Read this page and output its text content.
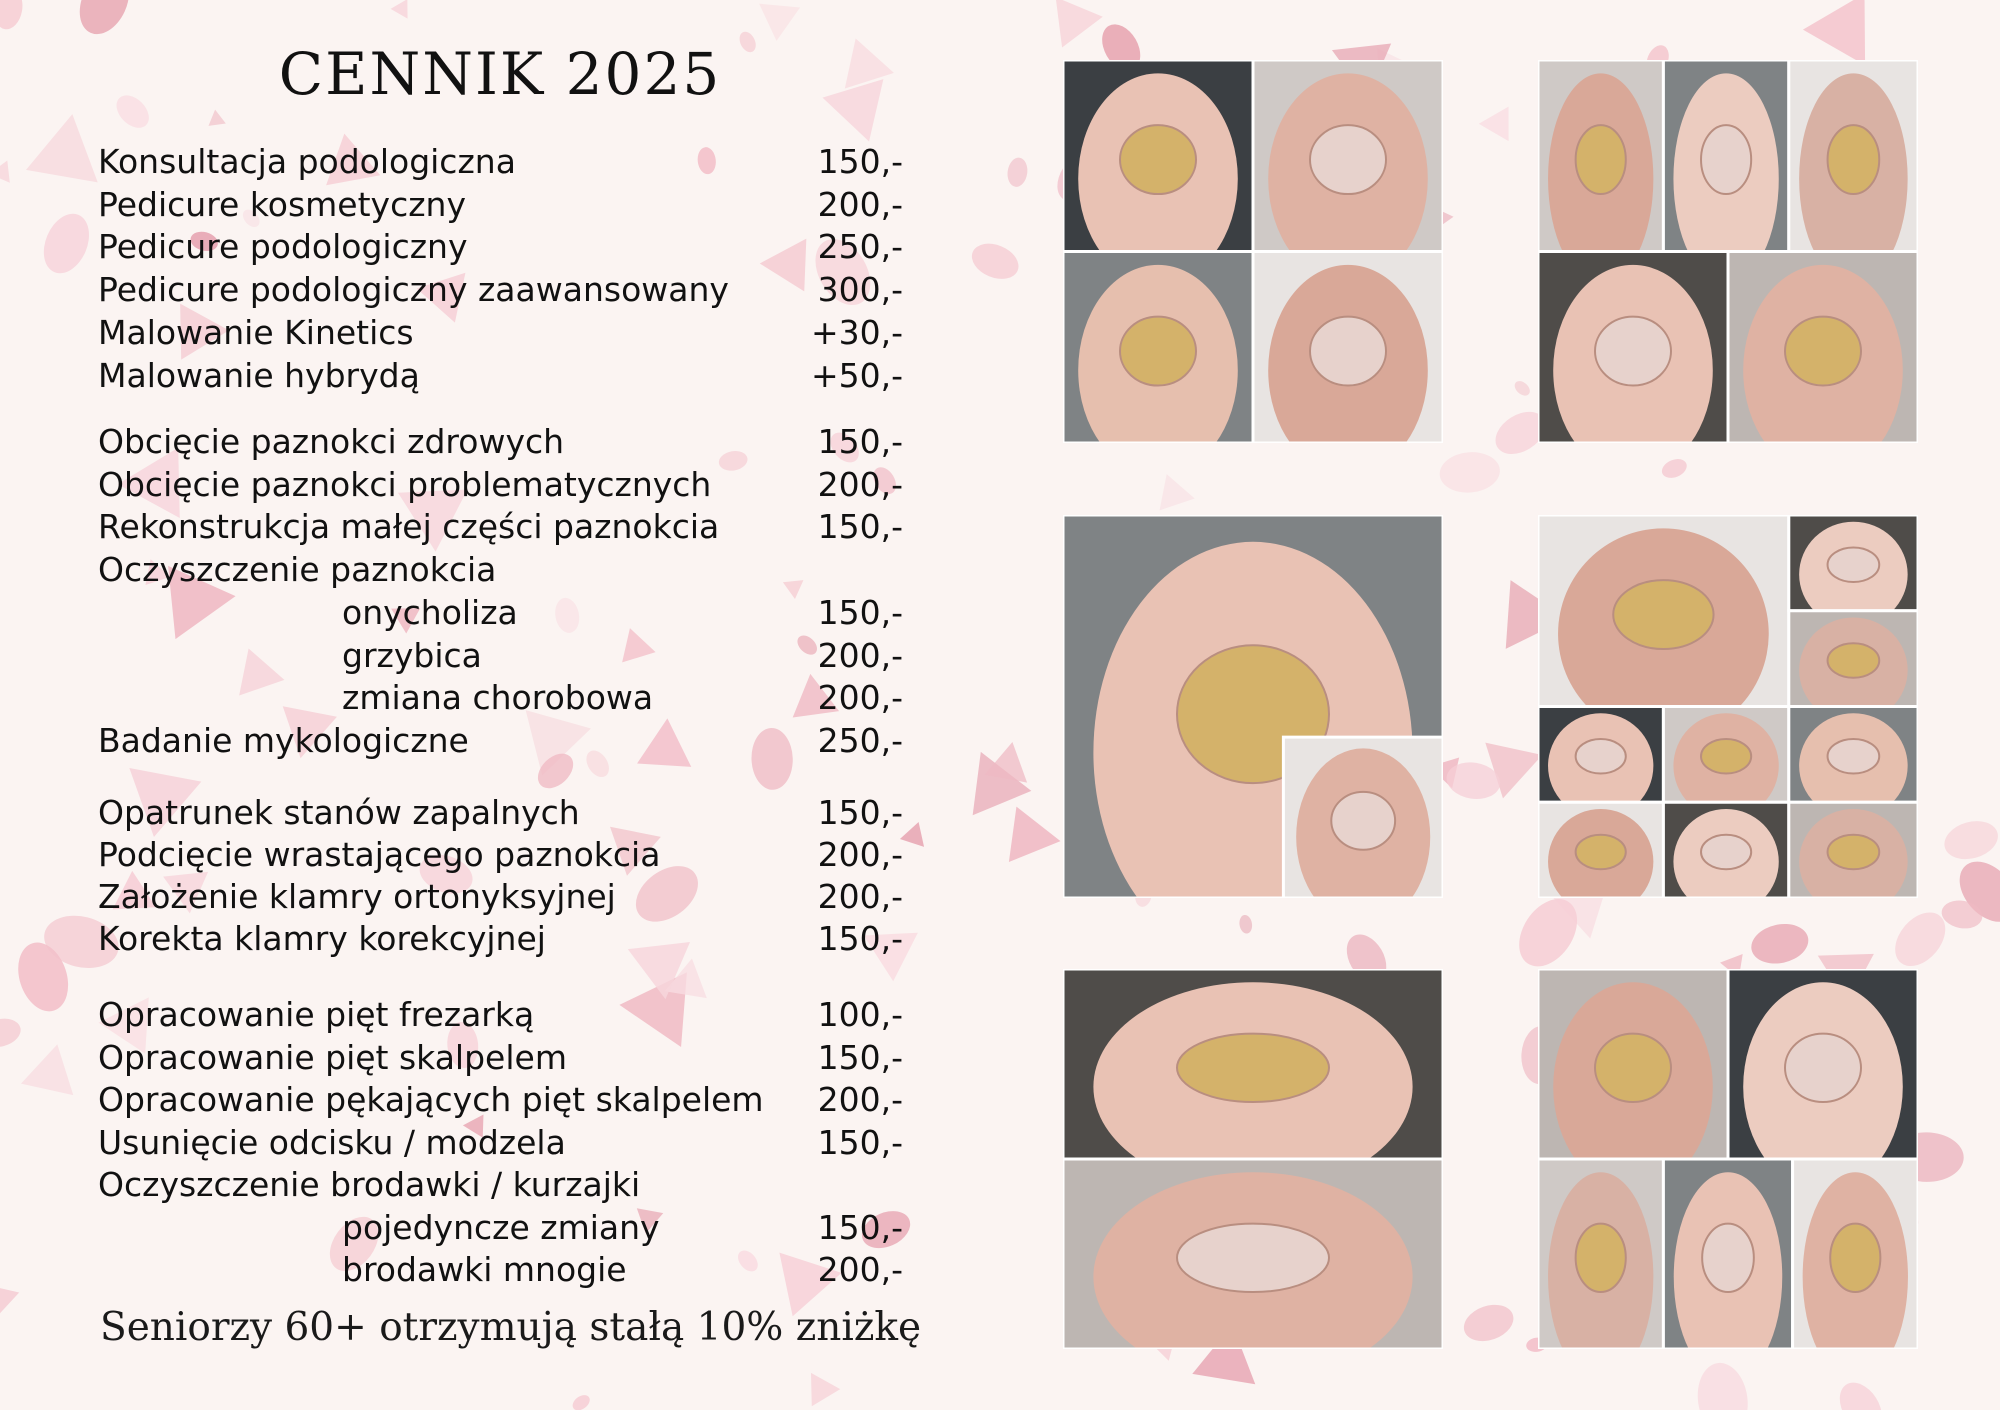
CENNIK 2025
Konsultacja podologiczna	150,-
Pedicure kosmetyczny	200,-
Pedicure podologiczny	250,-
Pedicure podologiczny zaawansowany	300,-
Malowanie Kinetics	+30,-
Malowanie hybrydą	+50,-
Obcięcie paznokci zdrowych	150,-
Obcięcie paznokci problematycznych	200,-
Rekonstrukcja małej części paznokcia	150,-
Oczyszczenie paznokcia
onycholiza	150,-
grzybica	200,-
zmiana chorobowa	200,-
Badanie mykologiczne	250,-
Opatrunek stanów zapalnych	150,-
Podcięcie wrastającego paznokcia	200,-
Założenie klamry ortonyksyjnej	200,-
Korekta klamry korekcyjnej	150,-
Opracowanie pięt frezarką	100,-
Opracowanie pięt skalpelem	150,-
Opracowanie pękających pięt skalpelem 200,-
Usunięcie odcisku / modzela	150,-
Oczyszczenie brodawki / kurzajki
pojedyncze zmiany	150,-
brodawki mnogie	200,-
Seniorzy 60+ otrzymują stałą 10% zniżkę
